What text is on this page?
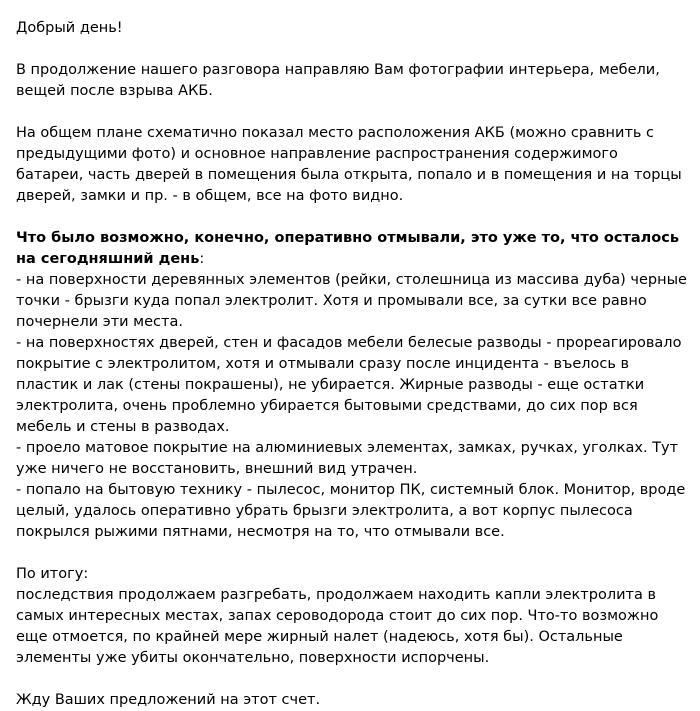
Добрый день!

В продолжение нашего разговора направляю Вам фотографии интерьера, мебели, вещей после взрыва АКБ.

На общем плане схематично показал место расположения АКБ (можно сравнить с предыдущими фото) и основное направление распространения содержимого батареи, часть дверей в помещения была открыта, попало и в помещения и на торцы дверей, замки и пр. - в общем, все на фото видно.

Что было возможно, конечно, оперативно отмывали, это уже то, что осталось на сегодняшний день:
- на поверхности деревянных элементов (рейки, столешница из массива дуба) черные точки - брызги куда попал электролит. Хотя и промывали все, за сутки все равно почернели эти места.
- на поверхностях дверей, стен и фасадов мебели белесые разводы - прореагировало покрытие с электролитом, хотя и отмывали сразу после инцидента - въелось в пластик и лак (стены покрашены), не убирается. Жирные разводы - еще остатки электролита, очень проблемно убирается бытовыми средствами, до сих пор вся мебель и стены в разводах.
- проело матовое покрытие на алюминиевых элементах, замках, ручках, уголках. Тут уже ничего не восстановить, внешний вид утрачен.
- попало на бытовую технику - пылесос, монитор ПК, системный блок. Монитор, вроде целый, удалось оперативно убрать брызги электролита, а вот корпус пылесоса покрылся рыжими пятнами, несмотря на то, что отмывали все.

По итогу:
последствия продолжаем разгребать, продолжаем находить капли электролита в самых интересных местах, запах сероводорода стоит до сих пор. Что-то возможно еще отмоется, по крайней мере жирный налет (надеюсь, хотя бы). Остальные элементы уже убиты окончательно, поверхности испорчены.

Жду Ваших предложений на этот счет.
